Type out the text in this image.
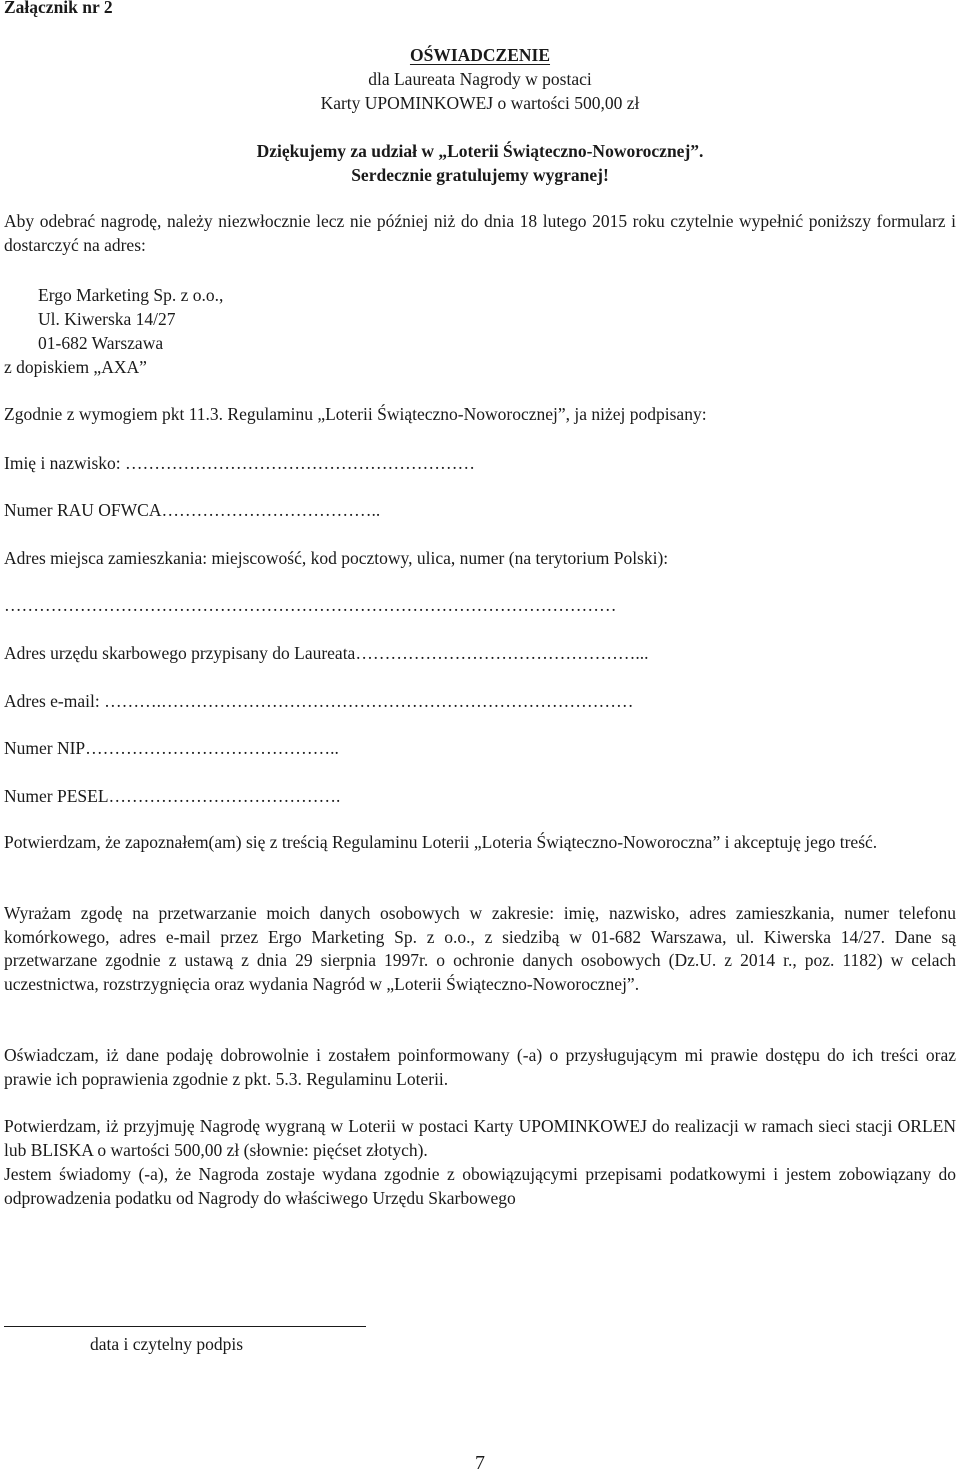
Załącznik nr 2
OŚWIADCZENIE
dla Laureata Nagrody w postaci
Karty UPOMINKOWEJ o wartości 500,00 zł
Dziękujemy za udział w „Loterii Świąteczno-Noworocznej”.
Serdecznie gratulujemy wygranej!
Aby odebrać nagrodę, należy niezwłocznie lecz nie później niż do dnia 18 lutego 2015 roku czytelnie wypełnić poniższy formularz i dostarczyć na adres:
Ergo Marketing Sp. z o.o.,
Ul. Kiwerska 14/27
01-682 Warszawa
z dopiskiem „AXA”
Zgodnie z wymogiem pkt 11.3. Regulaminu „Loterii Świąteczno-Noworocznej”, ja niżej podpisany:
Imię i nazwisko: ……………………………………………………
Numer RAU OFWCA………………………………..
Adres miejsca zamieszkania: miejscowość, kod pocztowy, ulica, numer (na terytorium Polski):
……………………………………………………………………………………………
Adres urzędu skarbowego przypisany do Laureata…………………………………………...
Adres e-mail: ……….………………………………………………………………………
Numer NIP……………………………………..
Numer PESEL………………………………….
Potwierdzam, że zapoznałem(am) się z treścią Regulaminu Loterii „Loteria Świąteczno-Noworoczna” i akceptuję jego treść.
Wyrażam zgodę na przetwarzanie moich danych osobowych w zakresie: imię, nazwisko, adres zamieszkania, numer telefonu komórkowego, adres e-mail przez Ergo Marketing Sp. z o.o., z siedzibą w 01-682 Warszawa, ul. Kiwerska 14/27. Dane są przetwarzane zgodnie z ustawą z dnia 29 sierpnia 1997r. o ochronie danych osobowych (Dz.U. z 2014 r., poz. 1182) w celach uczestnictwa, rozstrzygnięcia oraz wydania Nagród w „Loterii Świąteczno-Noworocznej”.
Oświadczam, iż dane podaję dobrowolnie i zostałem poinformowany (-a) o przysługującym mi prawie dostępu do ich treści oraz prawie ich poprawienia zgodnie z pkt. 5.3. Regulaminu Loterii.
Potwierdzam, iż przyjmuję Nagrodę wygraną w Loterii w postaci Karty UPOMINKOWEJ do realizacji w ramach sieci stacji ORLEN lub BLISKA o wartości 500,00 zł (słownie: pięćset złotych).
Jestem świadomy (-a), że Nagroda zostaje wydana zgodnie z obowiązującymi przepisami podatkowymi i jestem zobowiązany do odprowadzenia podatku od Nagrody do właściwego Urzędu Skarbowego
data i czytelny podpis
7
